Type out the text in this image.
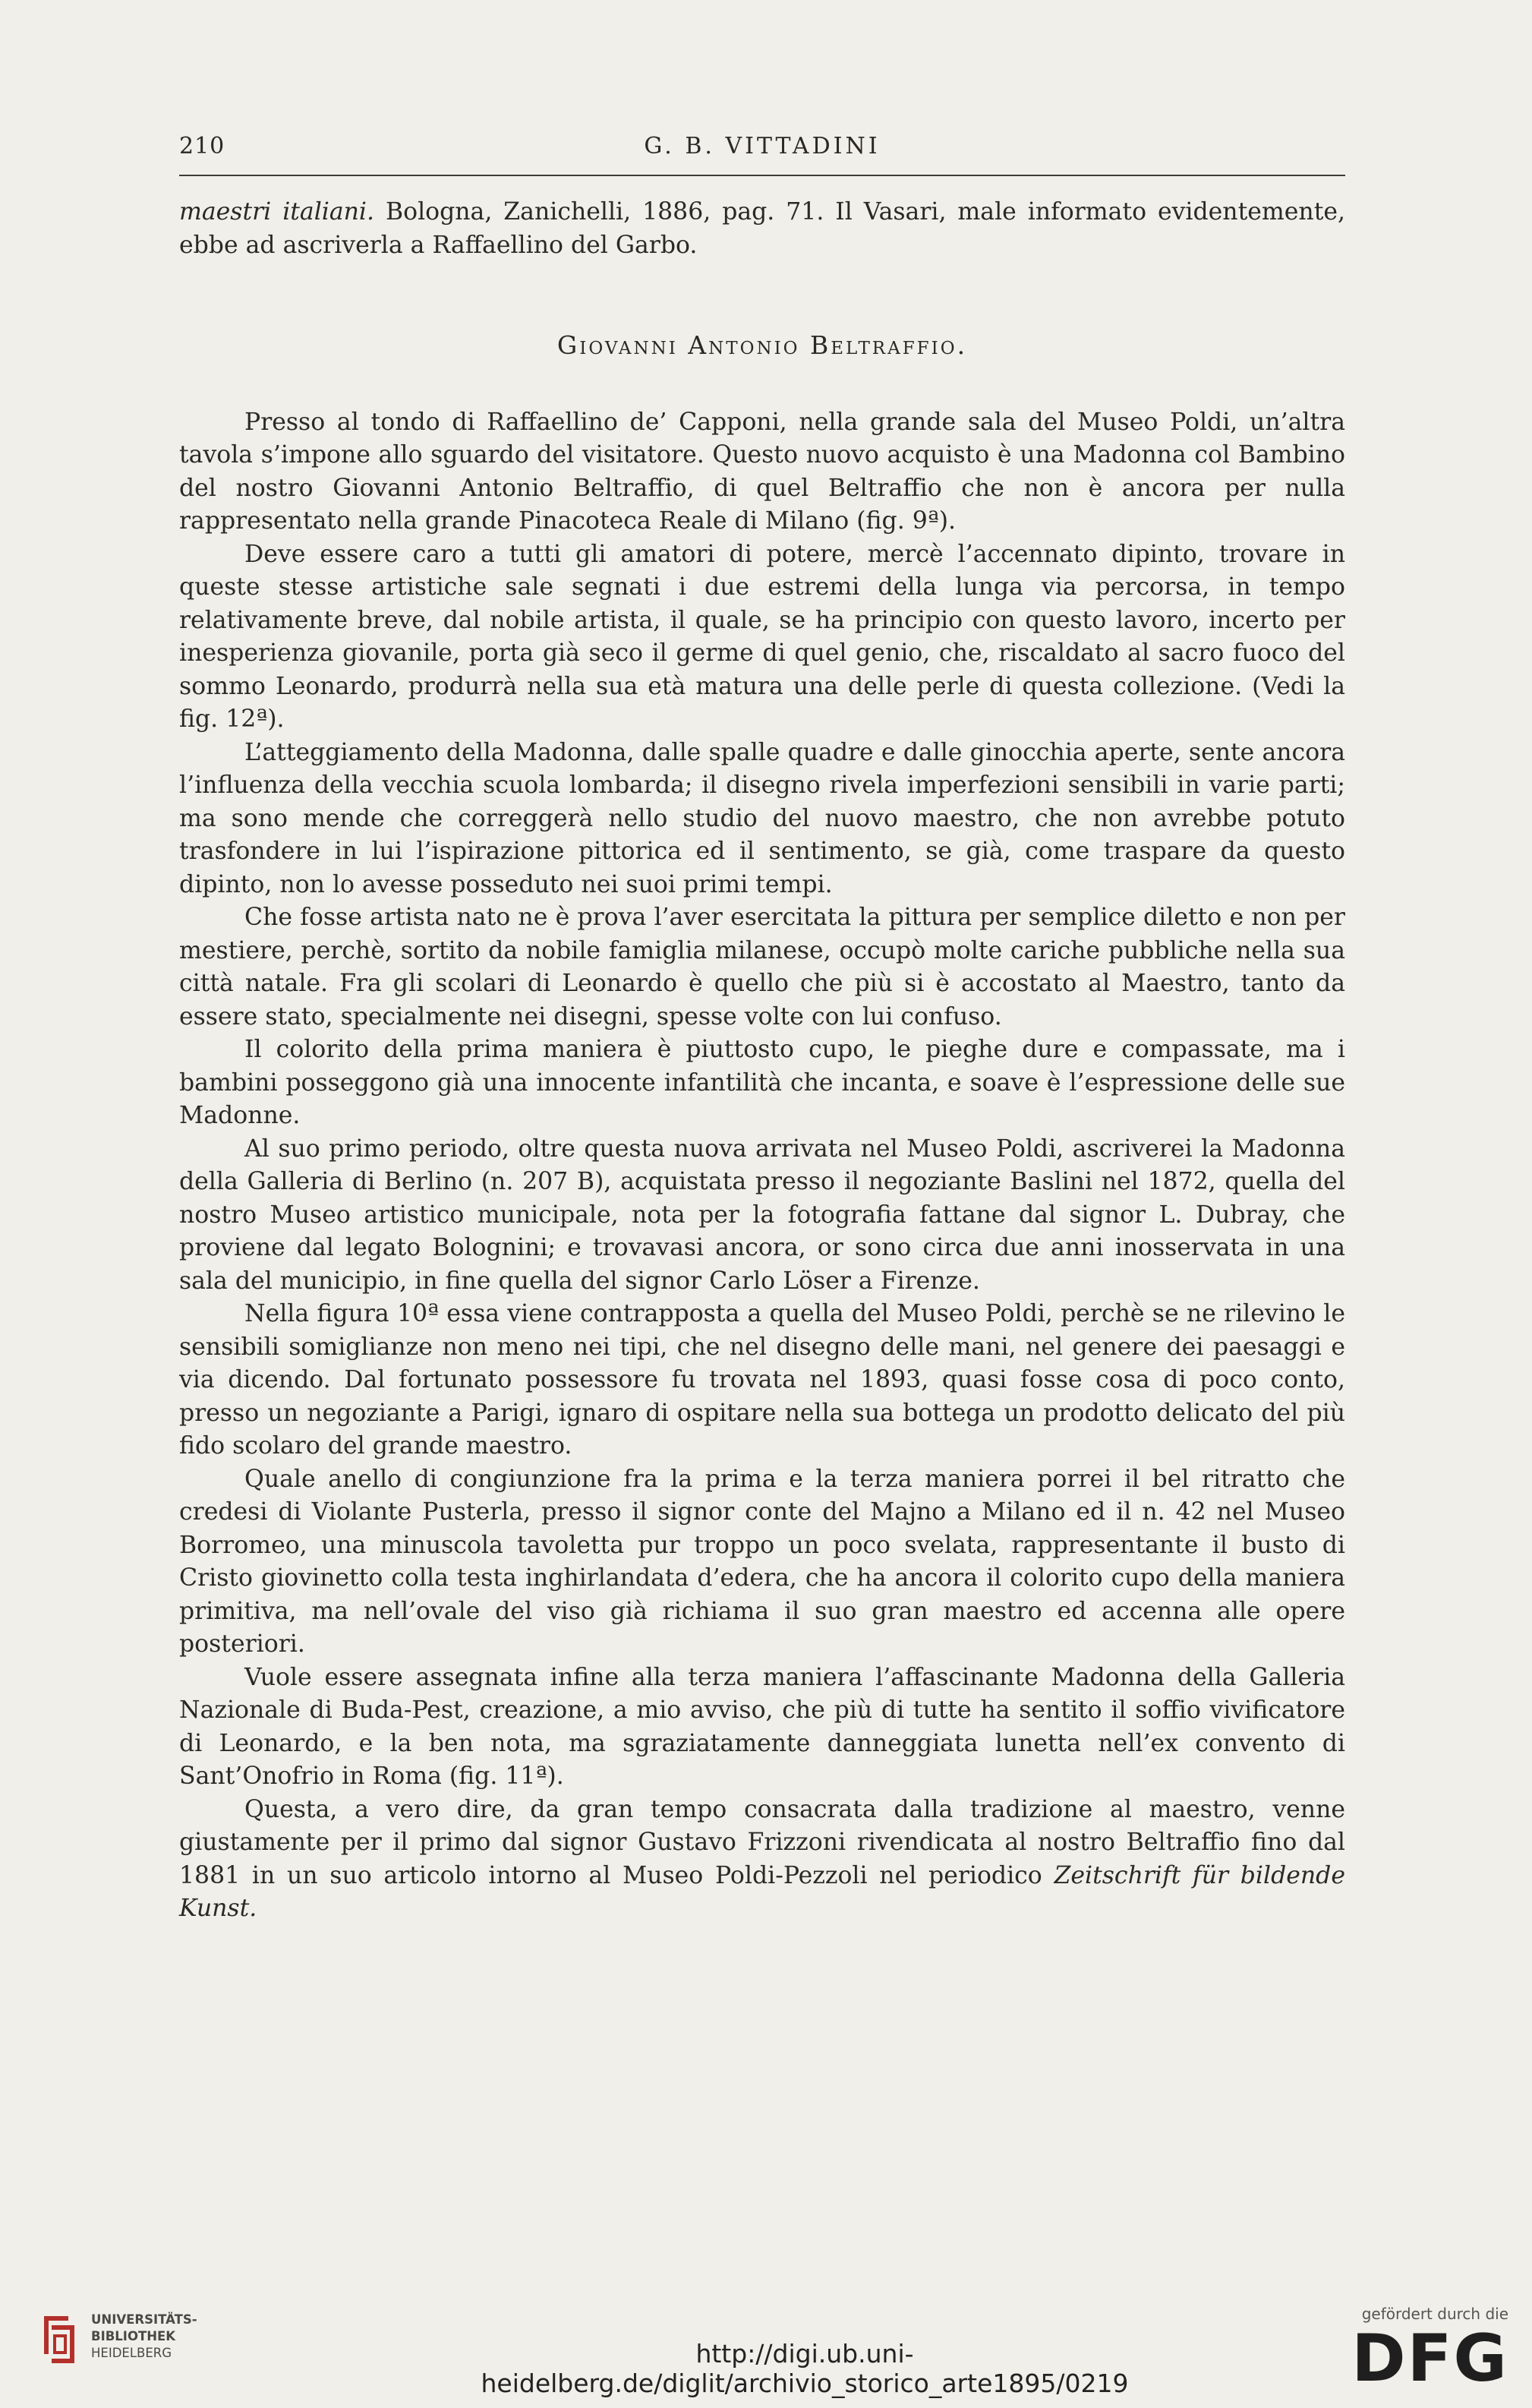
210	G. B. VITTADINI

maestri italiani. Bologna, Zanichelli, 1886, pag. 71. Il Vasari, male informato evidentemente, ebbe ad ascriverla a Raffaellino del Garbo.

Giovanni Antonio Beltraffio.

Presso al tondo di Raffaellino de’ Capponi, nella grande sala del Museo Poldi, un’altra tavola s’impone allo sguardo del visitatore. Questo nuovo acquisto è una Madonna col Bambino del nostro Giovanni Antonio Beltraffio, di quel Beltraffio che non è ancora per nulla rappresentato nella grande Pinacoteca Reale di Milano (fig. 9ª).

Deve essere caro a tutti gli amatori di potere, mercè l’accennato dipinto, trovare in queste stesse artistiche sale segnati i due estremi della lunga via percorsa, in tempo relativamente breve, dal nobile artista, il quale, se ha principio con questo lavoro, incerto per inesperienza giovanile, porta già seco il germe di quel genio, che, riscaldato al sacro fuoco del sommo Leonardo, produrrà nella sua età matura una delle perle di questa collezione. (Vedi la fig. 12ª).

L’atteggiamento della Madonna, dalle spalle quadre e dalle ginocchia aperte, sente ancora l’influenza della vecchia scuola lombarda; il disegno rivela imperfezioni sensibili in varie parti; ma sono mende che correggerà nello studio del nuovo maestro, che non avrebbe potuto trasfondere in lui l’ispirazione pittorica ed il sentimento, se già, come traspare da questo dipinto, non lo avesse posseduto nei suoi primi tempi.

Che fosse artista nato ne è prova l’aver esercitata la pittura per semplice diletto e non per mestiere, perchè, sortito da nobile famiglia milanese, occupò molte cariche pubbliche nella sua città natale. Fra gli scolari di Leonardo è quello che più si è accostato al Maestro, tanto da essere stato, specialmente nei disegni, spesse volte con lui confuso.

Il colorito della prima maniera è piuttosto cupo, le pieghe dure e compassate, ma i bambini posseggono già una innocente infantilità che incanta, e soave è l’espressione delle sue Madonne.

Al suo primo periodo, oltre questa nuova arrivata nel Museo Poldi, ascriverei la Madonna della Galleria di Berlino (n. 207 B), acquistata presso il negoziante Baslini nel 1872, quella del nostro Museo artistico municipale, nota per la fotografia fattane dal signor L. Dubray, che proviene dal legato Bolognini; e trovavasi ancora, or sono circa due anni inosservata in una sala del municipio, in fine quella del signor Carlo Löser a Firenze.

Nella figura 10ª essa viene contrapposta a quella del Museo Poldi, perchè se ne rilevino le sensibili somiglianze non meno nei tipi, che nel disegno delle mani, nel genere dei paesaggi e via dicendo. Dal fortunato possessore fu trovata nel 1893, quasi fosse cosa di poco conto, presso un negoziante a Parigi, ignaro di ospitare nella sua bottega un prodotto delicato del più fido scolaro del grande maestro.

Quale anello di congiunzione fra la prima e la terza maniera porrei il bel ritratto che credesi di Violante Pusterla, presso il signor conte del Majno a Milano ed il n. 42 nel Museo Borromeo, una minuscola tavoletta pur troppo un poco svelata, rappresentante il busto di Cristo giovinetto colla testa inghirlandata d’edera, che ha ancora il colorito cupo della maniera primitiva, ma nell’ovale del viso già richiama il suo gran maestro ed accenna alle opere posteriori.

Vuole essere assegnata infine alla terza maniera l’affascinante Madonna della Galleria Nazionale di Buda-Pest, creazione, a mio avviso, che più di tutte ha sentito il soffio vivificatore di Leonardo, e la ben nota, ma sgraziatamente danneggiata lunetta nell’ex convento di Sant’Onofrio in Roma (fig. 11ª).

Questa, a vero dire, da gran tempo consacrata dalla tradizione al maestro, venne giustamente per il primo dal signor Gustavo Frizzoni rivendicata al nostro Beltraffio fino dal 1881 in un suo articolo intorno al Museo Poldi-Pezzoli nel periodico Zeitschrift für bildende Kunst.

UNIVERSITÄTS-
BIBLIOTHEK
HEIDELBERG	http://digi.ub.uni-heidelberg.de/diglit/archivio_storico_arte1895/0219
gefördert durch die
DFG
